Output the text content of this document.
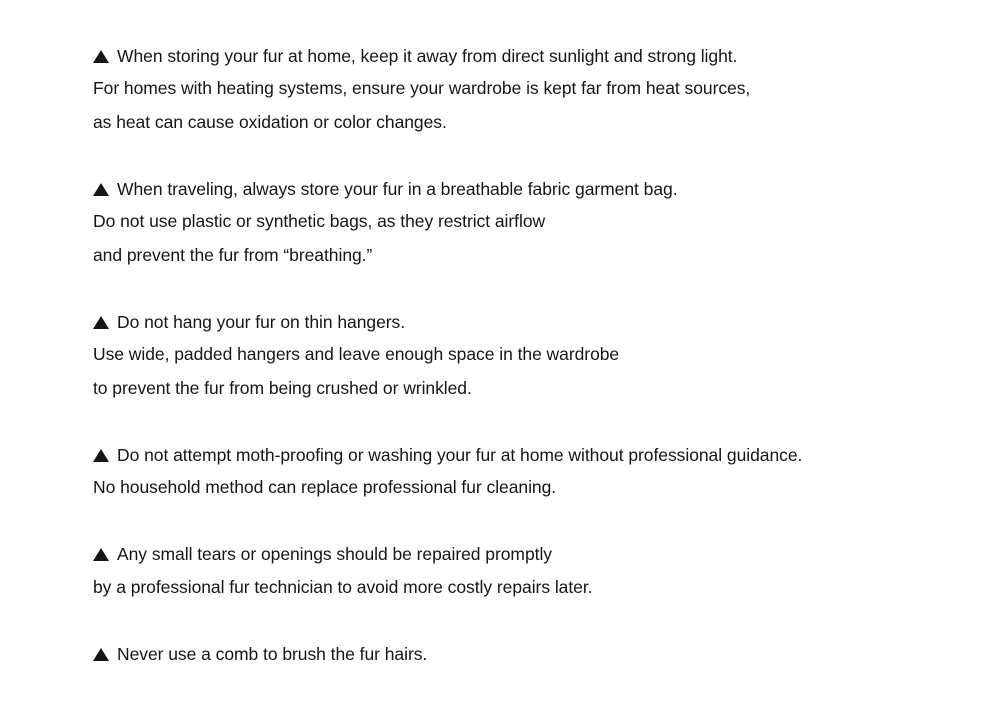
When storing your fur at home, keep it away from direct sunlight and strong light.
For homes with heating systems, ensure your wardrobe is kept far from heat sources,
as heat can cause oxidation or color changes.
When traveling, always store your fur in a breathable fabric garment bag.
Do not use plastic or synthetic bags, as they restrict airflow
and prevent the fur from “breathing.”
Do not hang your fur on thin hangers.
Use wide, padded hangers and leave enough space in the wardrobe
to prevent the fur from being crushed or wrinkled.
Do not attempt moth-proofing or washing your fur at home without professional guidance.
No household method can replace professional fur cleaning.
Any small tears or openings should be repaired promptly
by a professional fur technician to avoid more costly repairs later.
Never use a comb to brush the fur hairs.
